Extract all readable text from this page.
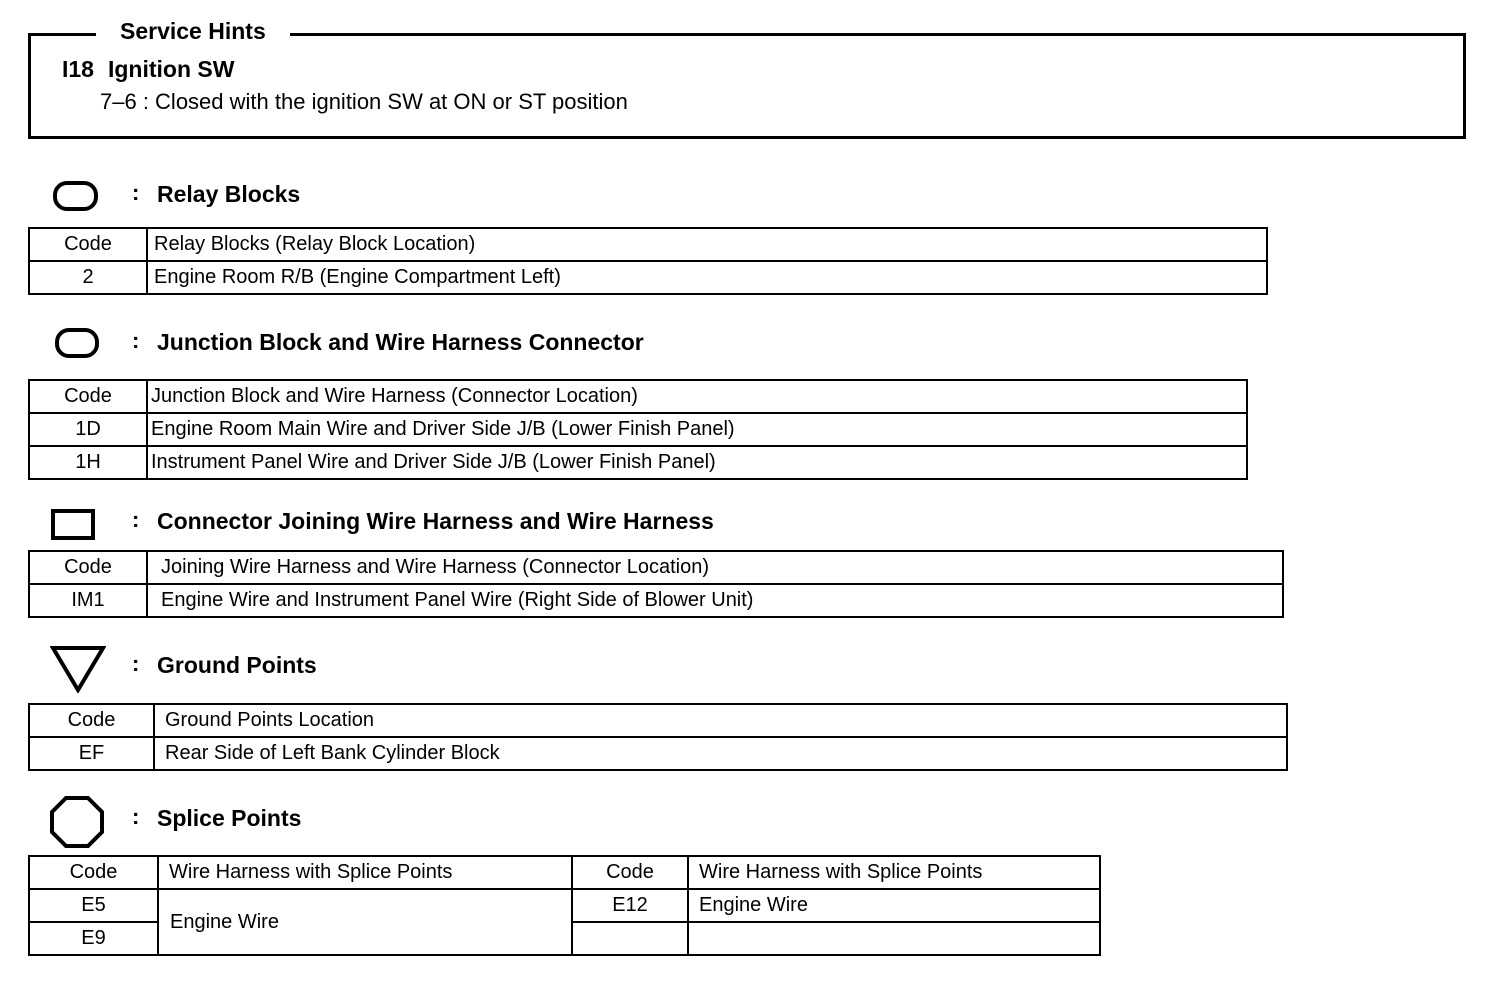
Service Hints
I18 Ignition SW
7–6 : Closed with the ignition SW at ON or ST position
: Relay Blocks
Code	Relay Blocks (Relay Block Location)
2	Engine Room R/B (Engine Compartment Left)
: Junction Block and Wire Harness Connector
Code	Junction Block and Wire Harness (Connector Location)
1D	Engine Room Main Wire and Driver Side J/B (Lower Finish Panel)
1H	Instrument Panel Wire and Driver Side J/B (Lower Finish Panel)
: Connector Joining Wire Harness and Wire Harness
Code	Joining Wire Harness and Wire Harness (Connector Location)
IM1	Engine Wire and Instrument Panel Wire (Right Side of Blower Unit)
: Ground Points
Code	Ground Points Location
EF	Rear Side of Left Bank Cylinder Block
: Splice Points
Code	Wire Harness with Splice Points	Code	Wire Harness with Splice Points
E5	Engine Wire	E12	Engine Wire
E9			
